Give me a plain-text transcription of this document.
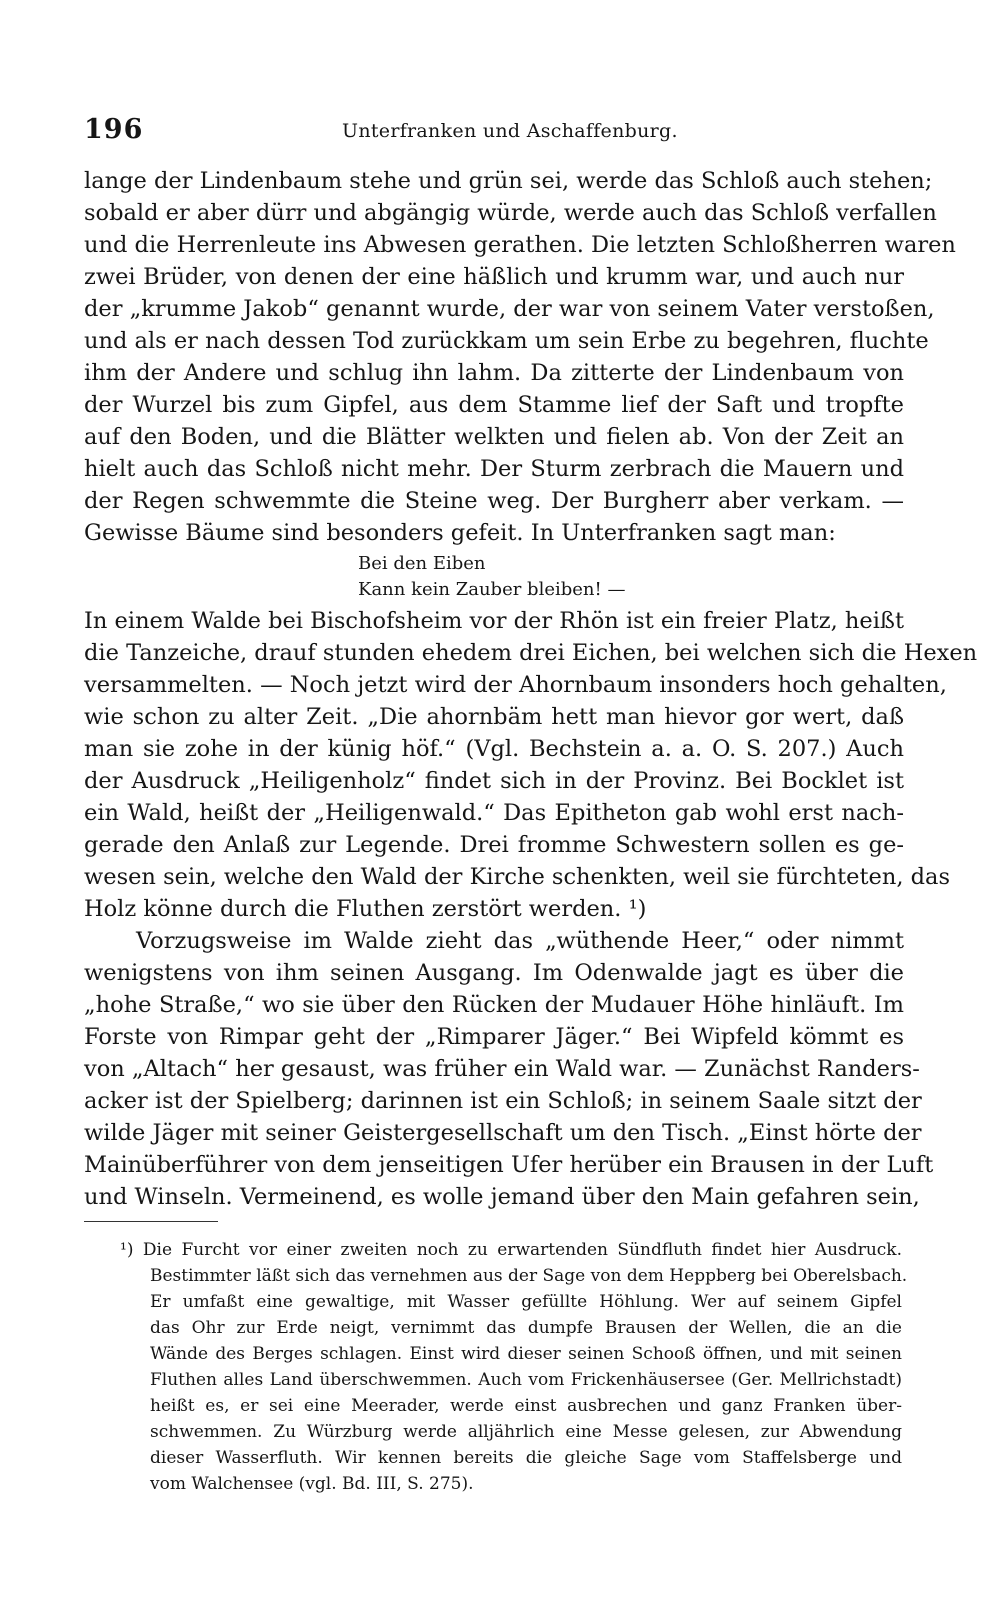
196	Unterfranken und Aschaffenburg.
lange der Lindenbaum stehe und grün sei, werde das Schloß auch stehen;
sobald er aber dürr und abgängig würde, werde auch das Schloß verfallen
und die Herrenleute ins Abwesen gerathen. Die letzten Schloßherren waren
zwei Brüder, von denen der eine häßlich und krumm war, und auch nur
der „krumme Jakob“ genannt wurde, der war von seinem Vater verstoßen,
und als er nach dessen Tod zurückkam um sein Erbe zu begehren, fluchte
ihm der Andere und schlug ihn lahm. Da zitterte der Lindenbaum von
der Wurzel bis zum Gipfel, aus dem Stamme lief der Saft und tropfte
auf den Boden, und die Blätter welkten und fielen ab. Von der Zeit an
hielt auch das Schloß nicht mehr. Der Sturm zerbrach die Mauern und
der Regen schwemmte die Steine weg. Der Burgherr aber verkam. —
Gewisse Bäume sind besonders gefeit. In Unterfranken sagt man:
Bei den Eiben
Kann kein Zauber bleiben! —
In einem Walde bei Bischofsheim vor der Rhön ist ein freier Platz, heißt
die Tanzeiche, drauf stunden ehedem drei Eichen, bei welchen sich die Hexen
versammelten. — Noch jetzt wird der Ahornbaum insonders hoch gehalten,
wie schon zu alter Zeit. „Die ahornbäm hett man hievor gor wert, daß
man sie zohe in der künig höf.“ (Vgl. Bechstein a. a. O. S. 207.) Auch
der Ausdruck „Heiligenholz“ findet sich in der Provinz. Bei Bocklet ist
ein Wald, heißt der „Heiligenwald.“ Das Epitheton gab wohl erst nach-
gerade den Anlaß zur Legende. Drei fromme Schwestern sollen es ge-
wesen sein, welche den Wald der Kirche schenkten, weil sie fürchteten, das
Holz könne durch die Fluthen zerstört werden. ¹)
Vorzugsweise im Walde zieht das „wüthende Heer,“ oder nimmt
wenigstens von ihm seinen Ausgang. Im Odenwalde jagt es über die
„hohe Straße,“ wo sie über den Rücken der Mudauer Höhe hinläuft. Im
Forste von Rimpar geht der „Rimparer Jäger.“ Bei Wipfeld kömmt es
von „Altach“ her gesaust, was früher ein Wald war. — Zunächst Randers-
acker ist der Spielberg; darinnen ist ein Schloß; in seinem Saale sitzt der
wilde Jäger mit seiner Geistergesellschaft um den Tisch. „Einst hörte der
Mainüberführer von dem jenseitigen Ufer herüber ein Brausen in der Luft
und Winseln. Vermeinend, es wolle jemand über den Main gefahren sein,
¹) Die Furcht vor einer zweiten noch zu erwartenden Sündfluth findet hier Ausdruck.
Bestimmter läßt sich das vernehmen aus der Sage von dem Heppberg bei Oberelsbach.
Er umfaßt eine gewaltige, mit Wasser gefüllte Höhlung. Wer auf seinem Gipfel
das Ohr zur Erde neigt, vernimmt das dumpfe Brausen der Wellen, die an die
Wände des Berges schlagen. Einst wird dieser seinen Schooß öffnen, und mit seinen
Fluthen alles Land überschwemmen. Auch vom Frickenhäusersee (Ger. Mellrichstadt)
heißt es, er sei eine Meerader, werde einst ausbrechen und ganz Franken über-
schwemmen. Zu Würzburg werde alljährlich eine Messe gelesen, zur Abwendung
dieser Wasserfluth. Wir kennen bereits die gleiche Sage vom Staffelsberge und
vom Walchensee (vgl. Bd. III, S. 275).
